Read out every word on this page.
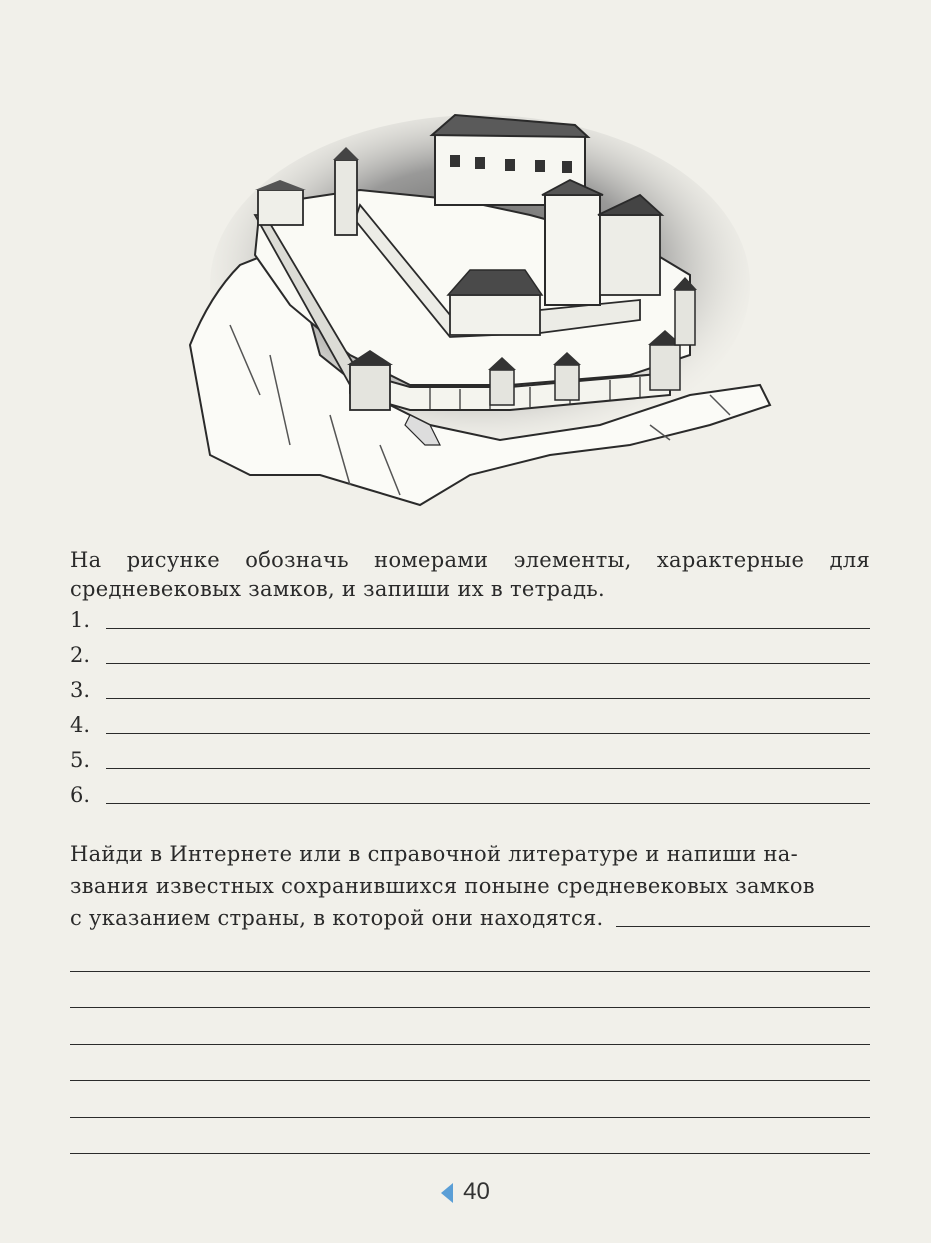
На рисунке обозначь номерами элементы, характерные для средневековых замков, и запиши их в тетрадь.
1.
2.
3.
4.
5.
6.
Найди в Интернете или в справочной литературе и напиши на-
звания известных сохранившихся поныне средневековых замков
с указанием страны, в которой они находятся.
40
